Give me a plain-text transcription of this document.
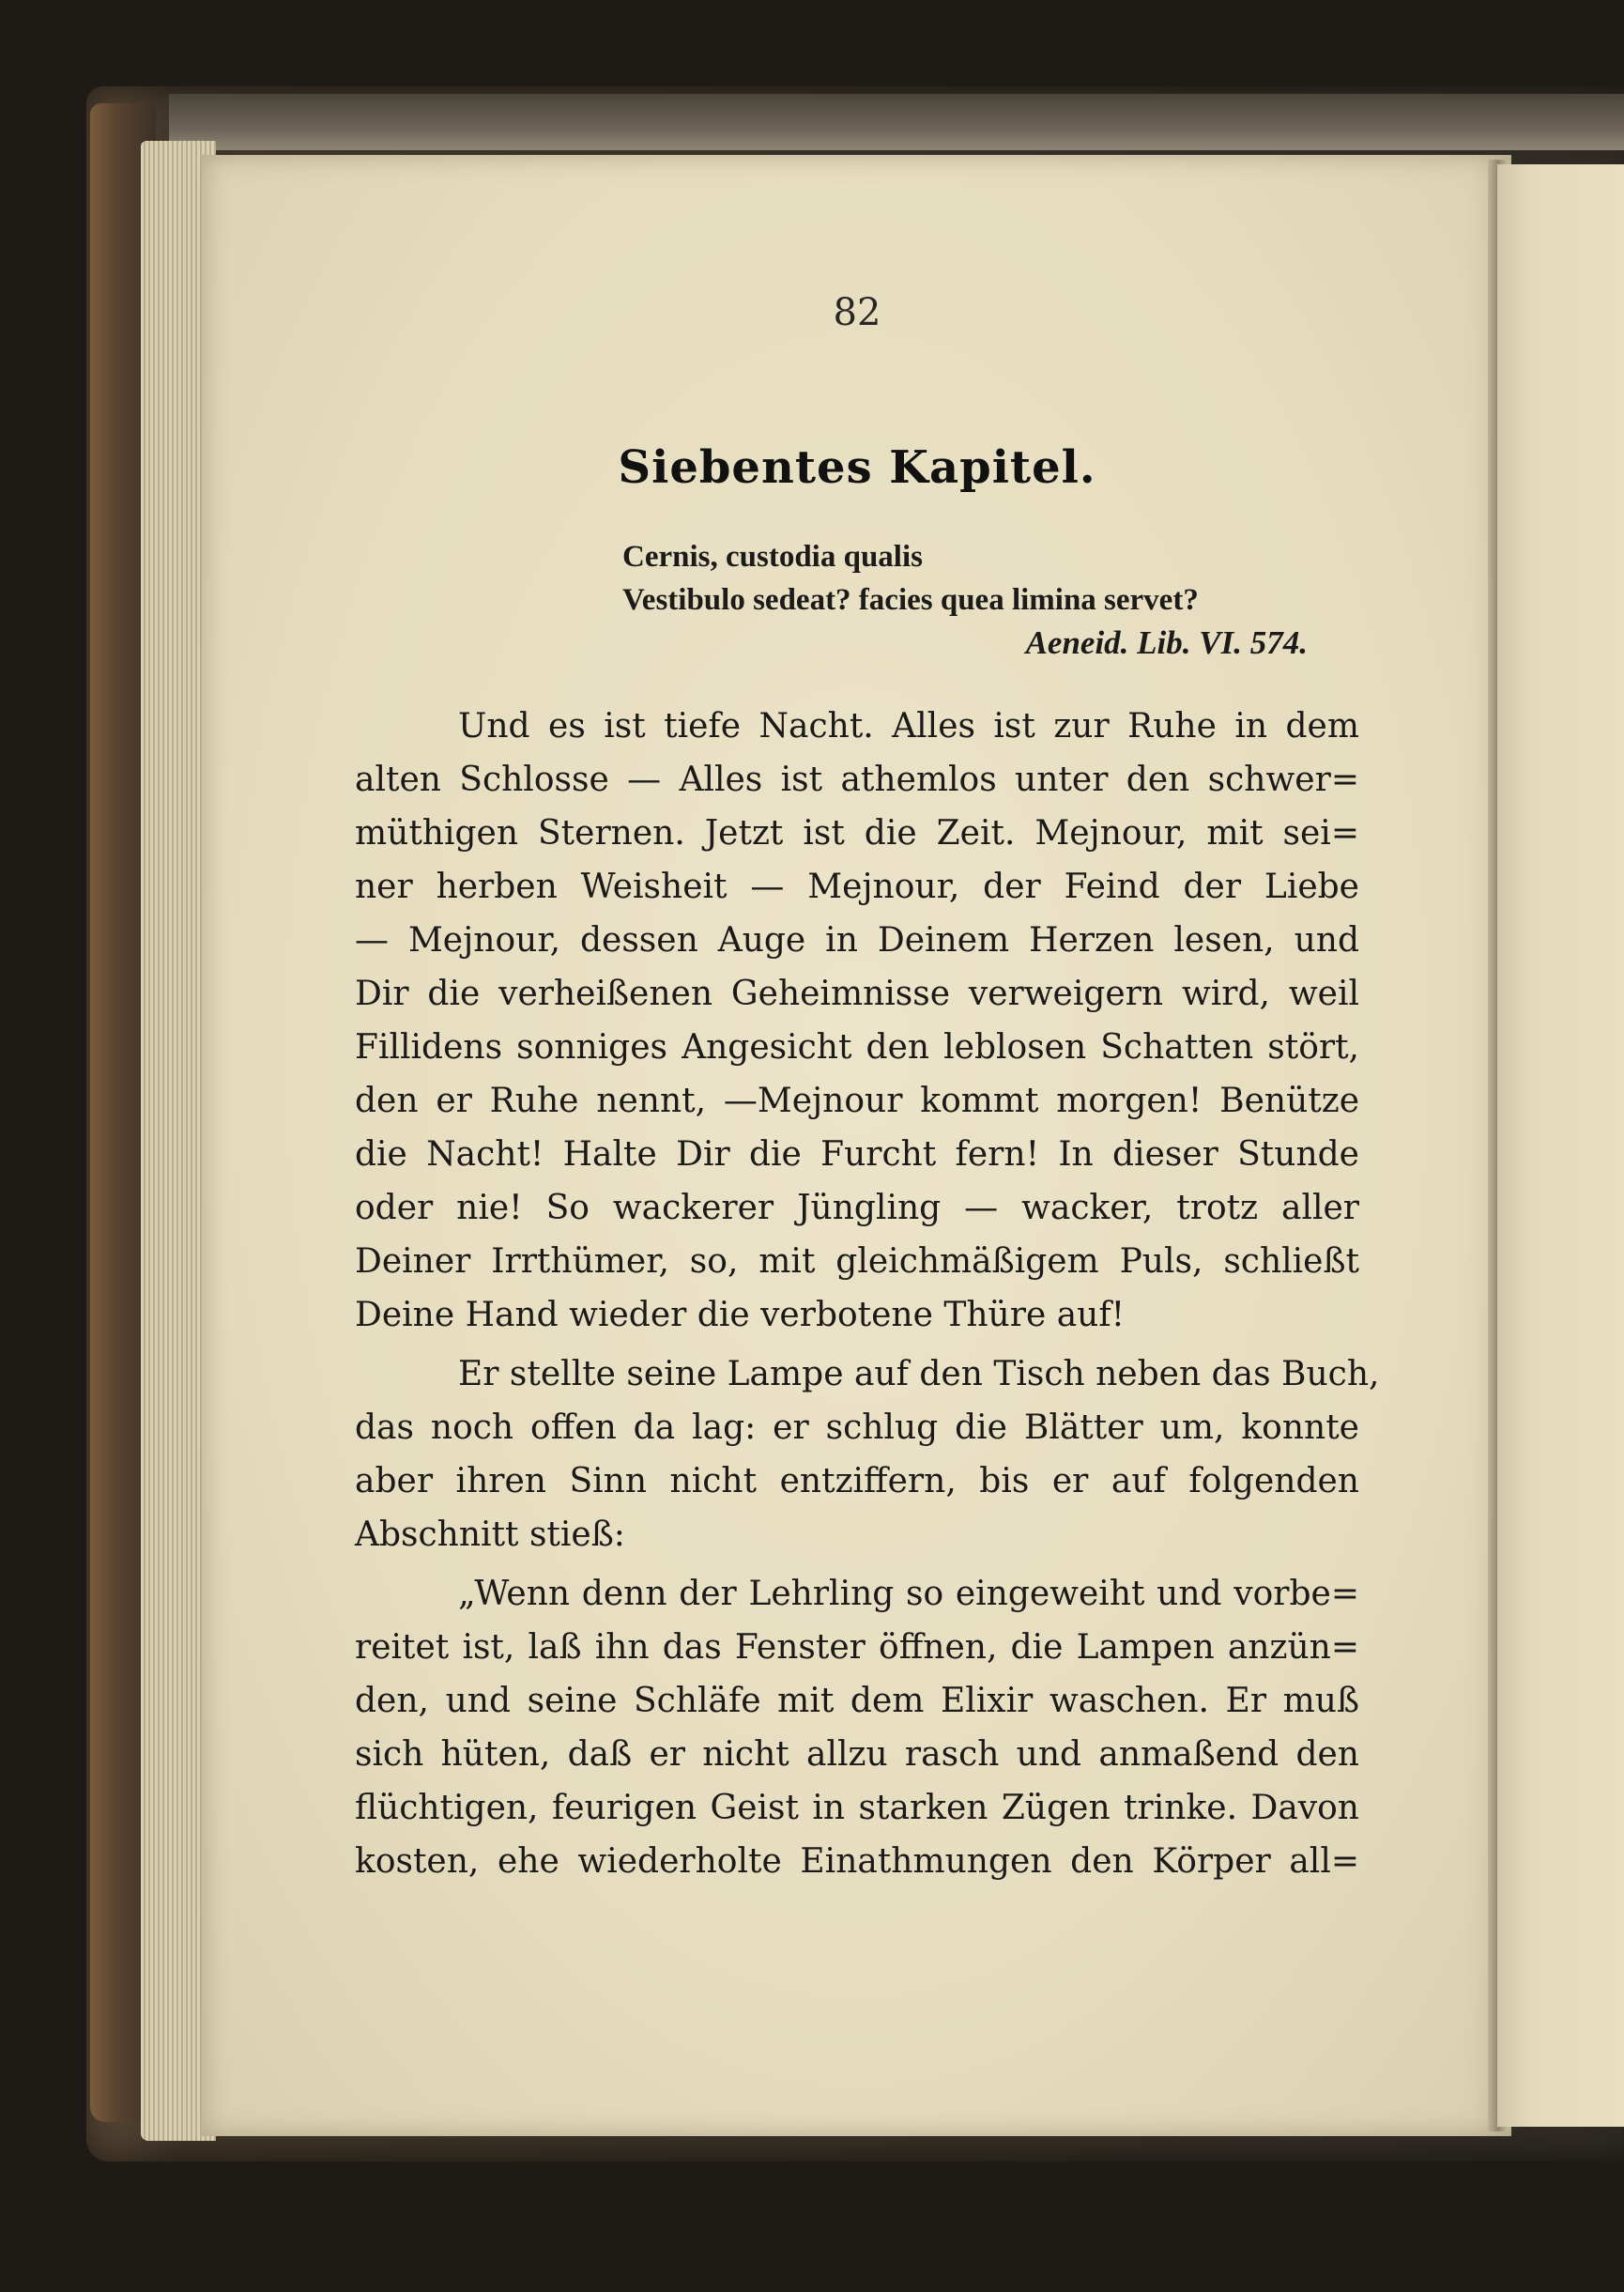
82
Siebentes Kapitel.
Cernis, custodia qualis
Vestibulo sedeat? facies quea limina servet?
Aeneid. Lib. VI. 574.
Und es ist tiefe Nacht. Alles ist zur Ruhe in dem
alten Schlosse — Alles ist athemlos unter den schwer=
müthigen Sternen. Jetzt ist die Zeit. Mejnour, mit sei=
ner herben Weisheit — Mejnour, der Feind der Liebe
— Mejnour, dessen Auge in Deinem Herzen lesen, und
Dir die verheißenen Geheimnisse verweigern wird, weil
Fillidens sonniges Angesicht den leblosen Schatten stört,
den er Ruhe nennt, —Mejnour kommt morgen! Benütze
die Nacht! Halte Dir die Furcht fern! In dieser Stunde
oder nie! So wackerer Jüngling — wacker, trotz aller
Deiner Irrthümer, so, mit gleichmäßigem Puls, schließt
Deine Hand wieder die verbotene Thüre auf!
Er stellte seine Lampe auf den Tisch neben das Buch,
das noch offen da lag: er schlug die Blätter um, konnte
aber ihren Sinn nicht entziffern, bis er auf folgenden
Abschnitt stieß:
„Wenn denn der Lehrling so eingeweiht und vorbe=
reitet ist, laß ihn das Fenster öffnen, die Lampen anzün=
den, und seine Schläfe mit dem Elixir waschen. Er muß
sich hüten, daß er nicht allzu rasch und anmaßend den
flüchtigen, feurigen Geist in starken Zügen trinke. Davon
kosten, ehe wiederholte Einathmungen den Körper all=
